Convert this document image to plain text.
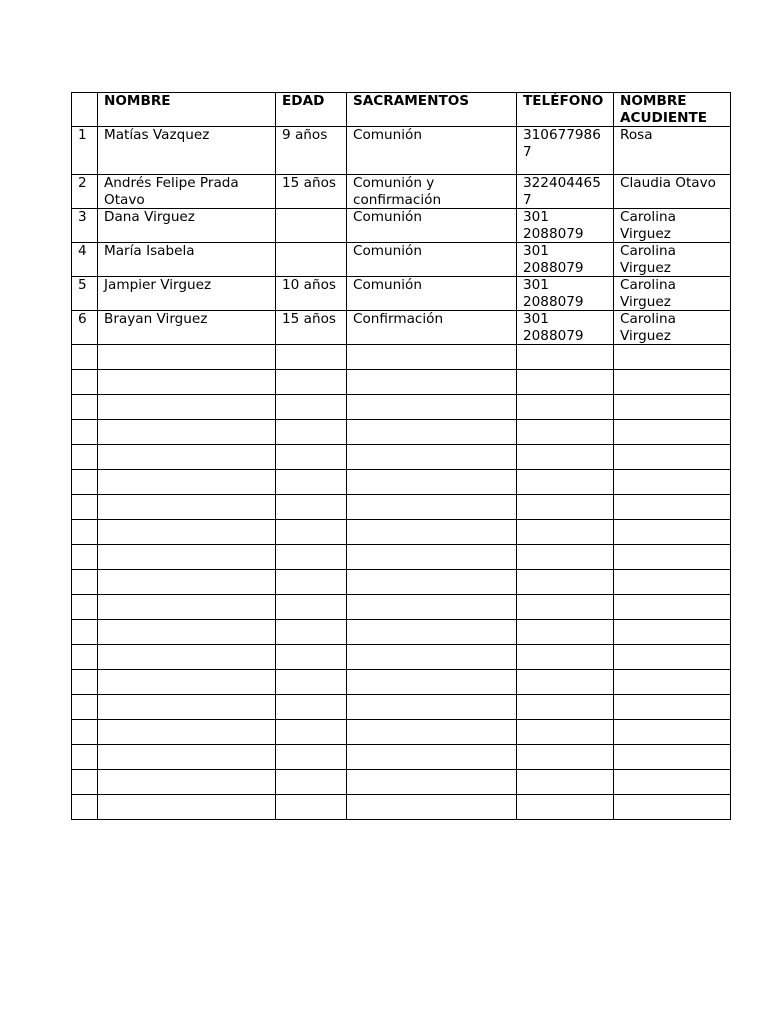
	NOMBRE	EDAD	SACRAMENTOS	TELÉFONO	NOMBRE ACUDIENTE
1	Matías Vazquez	9 años	Comunión	3106779867	Rosa
2	Andrés Felipe Prada Otavo	15 años	Comunión y confirmación	3224044657	Claudia Otavo
3	Dana Virguez		Comunión	301 2088079	Carolina Virguez
4	María Isabela		Comunión	301 2088079	Carolina Virguez
5	Jampier Virguez	10 años	Comunión	301 2088079	Carolina Virguez
6	Brayan Virguez	15 años	Confirmación	301 2088079	Carolina Virguez
